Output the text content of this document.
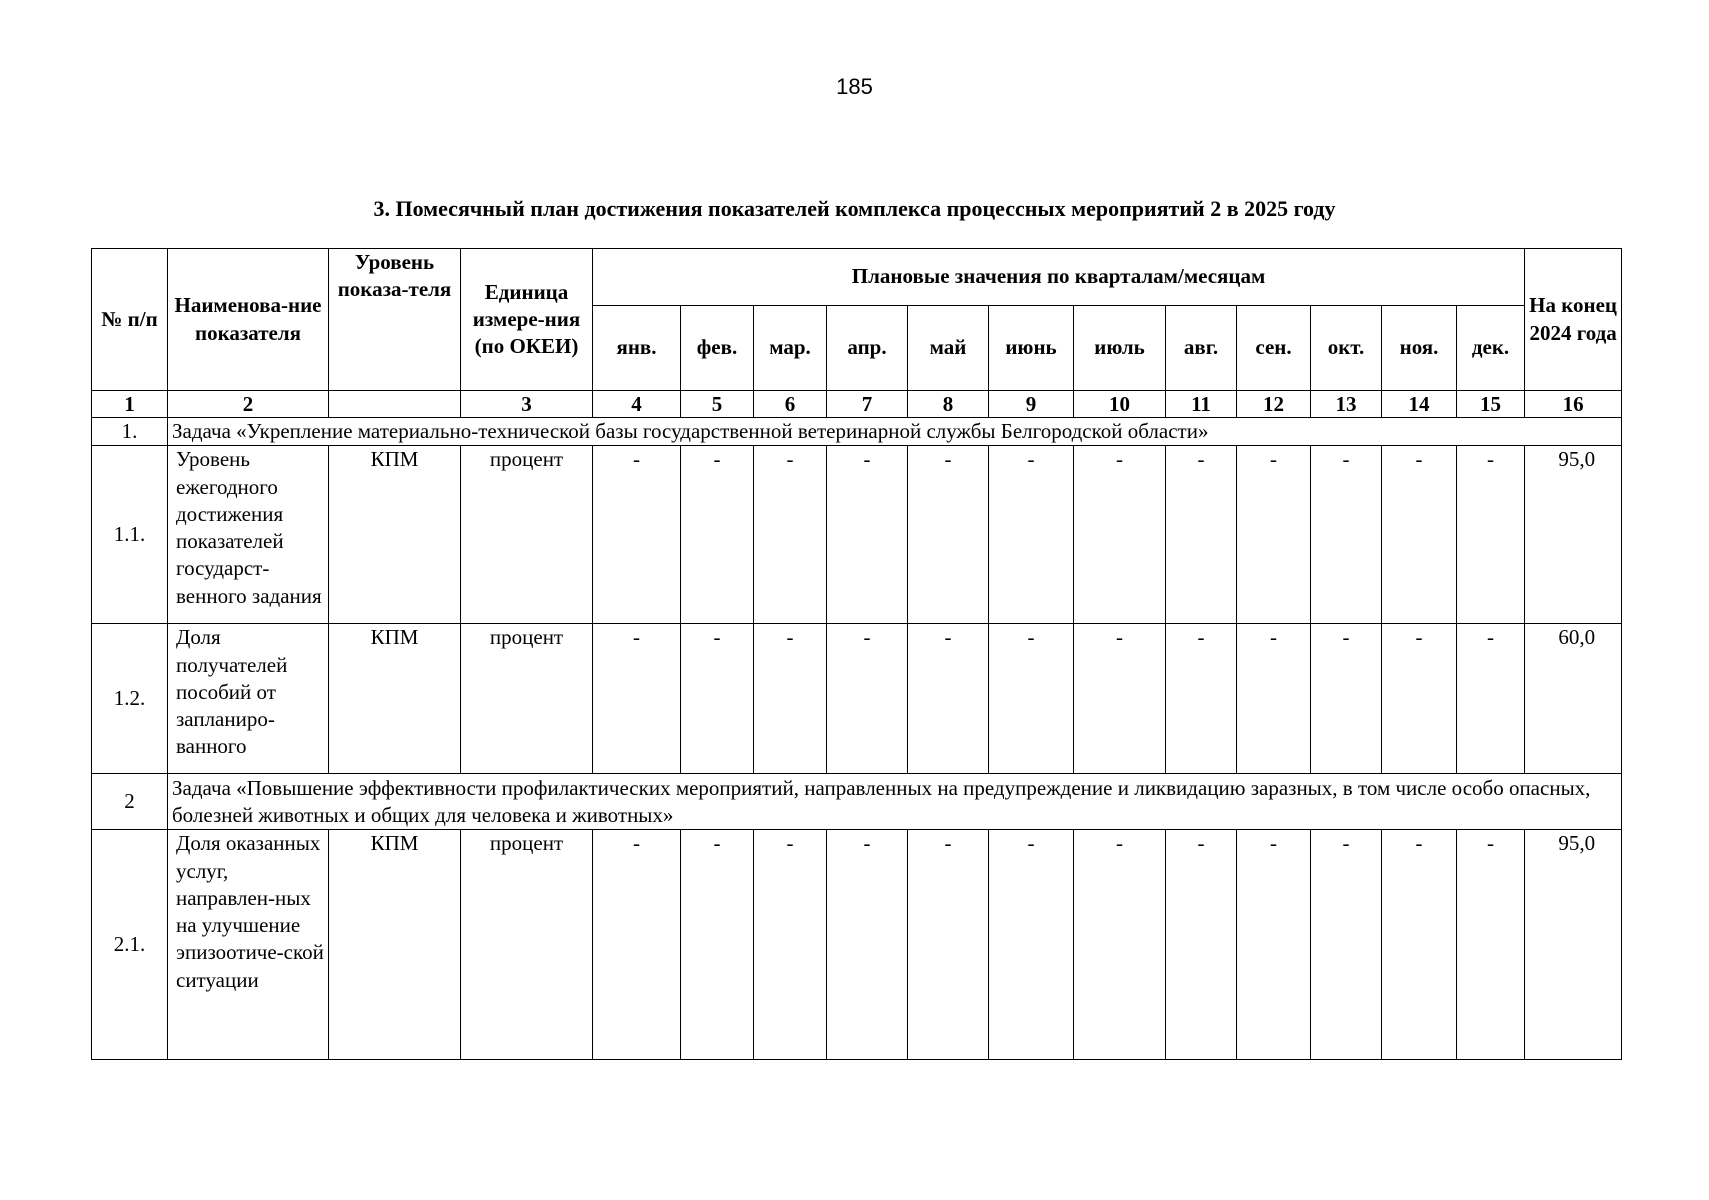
185
3. Помесячный план достижения показателей комплекса процессных мероприятий 2 в 2025 году
№ п/п	Наименова-ние показателя	Уровень показа-теля	Единица измере-ния (по ОКЕИ)	Плановые значения по кварталам/месяцам												На конец 2024 года
				янв.	фев.	мар.	апр.	май	июнь	июль	авг.	сен.	окт.	ноя.	дек.	
1	2		3	4	5	6	7	8	9	10	11	12	13	14	15	16
1.	Задача «Укрепление материально-технической базы государственной ветеринарной службы Белгородской области»															
1.1.	Уровень ежегодного достижения показателей государст-венного задания	КПМ	процент	-	-	-	-	-	-	-	-	-	-	-	-	95,0
1.2.	Доля получателей пособий от запланиро-ванного	КПМ	процент	-	-	-	-	-	-	-	-	-	-	-	-	60,0
2	Задача «Повышение эффективности профилактических мероприятий, направленных на предупреждение и ликвидацию заразных, в том числе особо опасных, болезней животных и общих для человека и животных»															
2.1.	Доля оказанных услуг, направлен-ных на улучшение эпизоотиче-ской ситуации	КПМ	процент	-	-	-	-	-	-	-	-	-	-	-	-	95,0
